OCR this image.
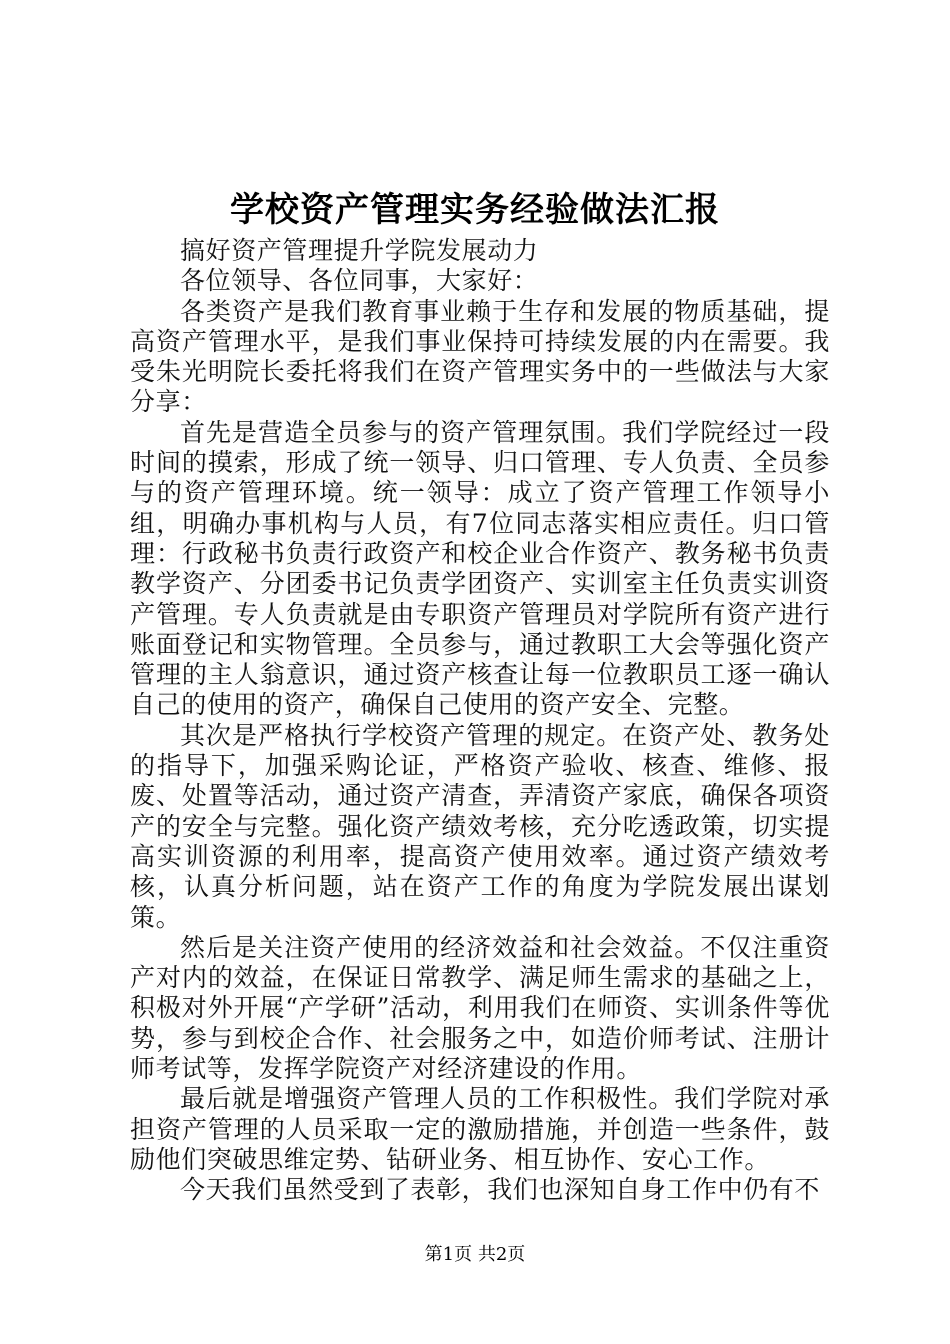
学校资产管理实务经验做法汇报

搞好资产管理提升学院发展动力

各位领导、各位同事，大家好：

各类资产是我们教育事业赖于生存和发展的物质基础，提高资产管理水平，是我们事业保持可持续发展的内在需要。我受朱光明院长委托将我们在资产管理实务中的一些做法与大家分享：

首先是营造全员参与的资产管理氛围。我们学院经过一段时间的摸索，形成了统一领导、归口管理、专人负责、全员参与的资产管理环境。统一领导：成立了资产管理工作领导小组，明确办事机构与人员，有7位同志落实相应责任。归口管理：行政秘书负责行政资产和校企业合作资产、教务秘书负责教学资产、分团委书记负责学团资产、实训室主任负责实训资产管理。专人负责就是由专职资产管理员对学院所有资产进行账面登记和实物管理。全员参与，通过教职工大会等强化资产管理的主人翁意识，通过资产核查让每一位教职员工逐一确认自己的使用的资产，确保自己使用的资产安全、完整。

其次是严格执行学校资产管理的规定。在资产处、教务处的指导下，加强采购论证，严格资产验收、核查、维修、报废、处置等活动，通过资产清查，弄清资产家底，确保各项资产的安全与完整。强化资产绩效考核，充分吃透政策，切实提高实训资源的利用率，提高资产使用效率。通过资产绩效考核，认真分析问题，站在资产工作的角度为学院发展出谋划策。

然后是关注资产使用的经济效益和社会效益。不仅注重资产对内的效益，在保证日常教学、满足师生需求的基础之上，积极对外开展“产学研”活动，利用我们在师资、实训条件等优势，参与到校企合作、社会服务之中，如造价师考试、注册计师考试等，发挥学院资产对经济建设的作用。

最后就是增强资产管理人员的工作积极性。我们学院对承担资产管理的人员采取一定的激励措施，并创造一些条件，鼓励他们突破思维定势、钻研业务、相互协作、安心工作。

今天我们虽然受到了表彰，我们也深知自身工作中仍有不

第1页 共2页
